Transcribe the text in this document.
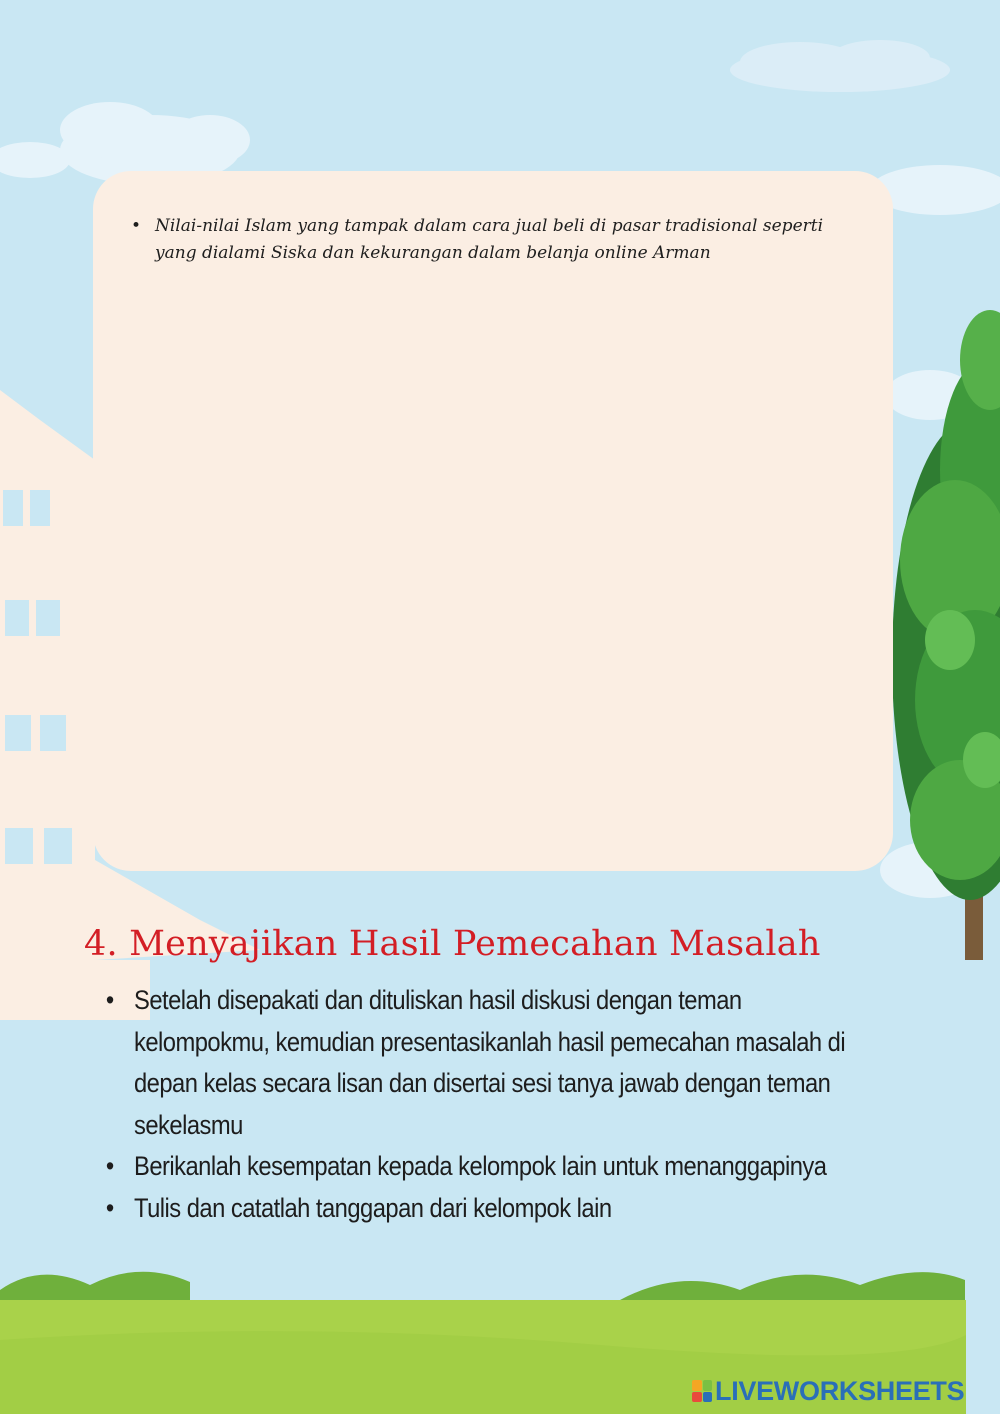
• Nilai-nilai Islam yang tampak dalam cara jual beli di pasar tradisional seperti yang dialami Siska dan kekurangan dalam belanja online Arman
4. Menyajikan Hasil Pemecahan Masalah
• Setelah disepakati dan dituliskan hasil diskusi dengan teman kelompokmu, kemudian presentasikanlah hasil pemecahan masalah di depan kelas secara lisan dan disertai sesi tanya jawab dengan teman sekelasmu
• Berikanlah kesempatan kepada kelompok lain untuk menanggapinya
• Tulis dan catatlah tanggapan dari kelompok lain
LIVEWORKSHEETS
